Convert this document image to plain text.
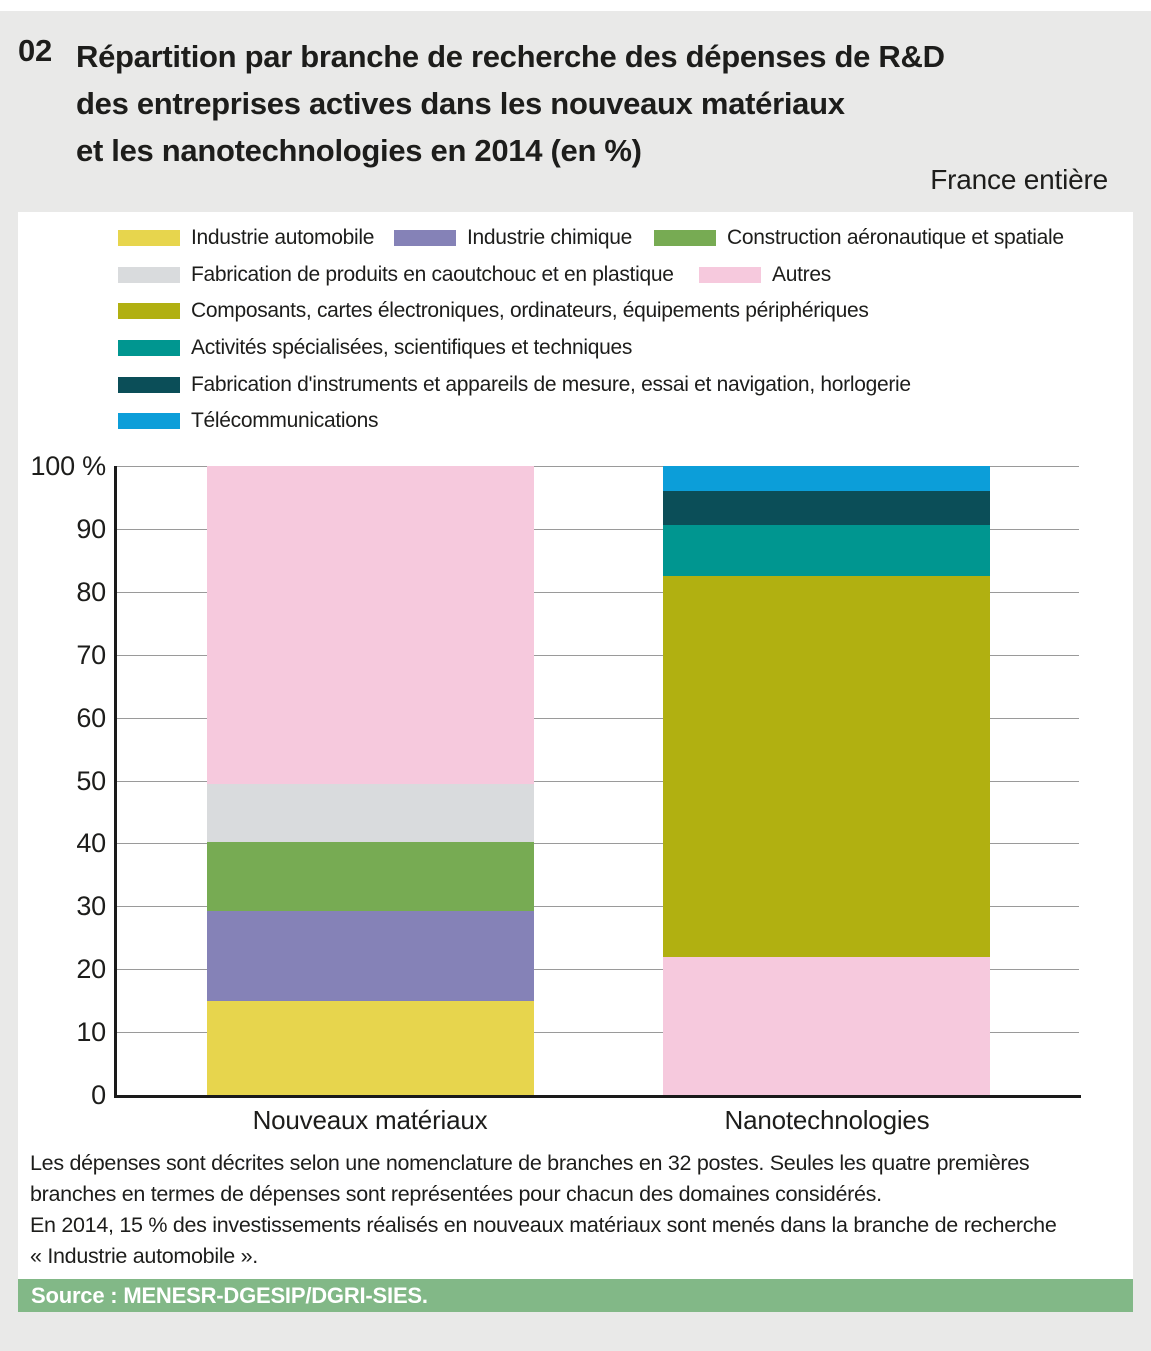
02 Répartition par branche de recherche des dépenses de R&D
des entreprises actives dans les nouveaux matériaux
et les nanotechnologies en 2014 (en %)
France entière
Industrie automobile	Industrie chimique	Construction aéronautique et spatiale
Fabrication de produits en caoutchouc et en plastique	Autres
Composants, cartes électroniques, ordinateurs, équipements périphériques
Activités spécialisées, scientifiques et techniques
Fabrication d'instruments et appareils de mesure, essai et navigation, horlogerie
Télécommunications
100 %
90
80
70
60
50
40
30
20
10
0
Nouveaux matériaux	Nanotechnologies
Les dépenses sont décrites selon une nomenclature de branches en 32 postes. Seules les quatre premières
branches en termes de dépenses sont représentées pour chacun des domaines considérés.
En 2014, 15 % des investissements réalisés en nouveaux matériaux sont menés dans la branche de recherche
« Industrie automobile ».
Source : MENESR-DGESIP/DGRI-SIES.
